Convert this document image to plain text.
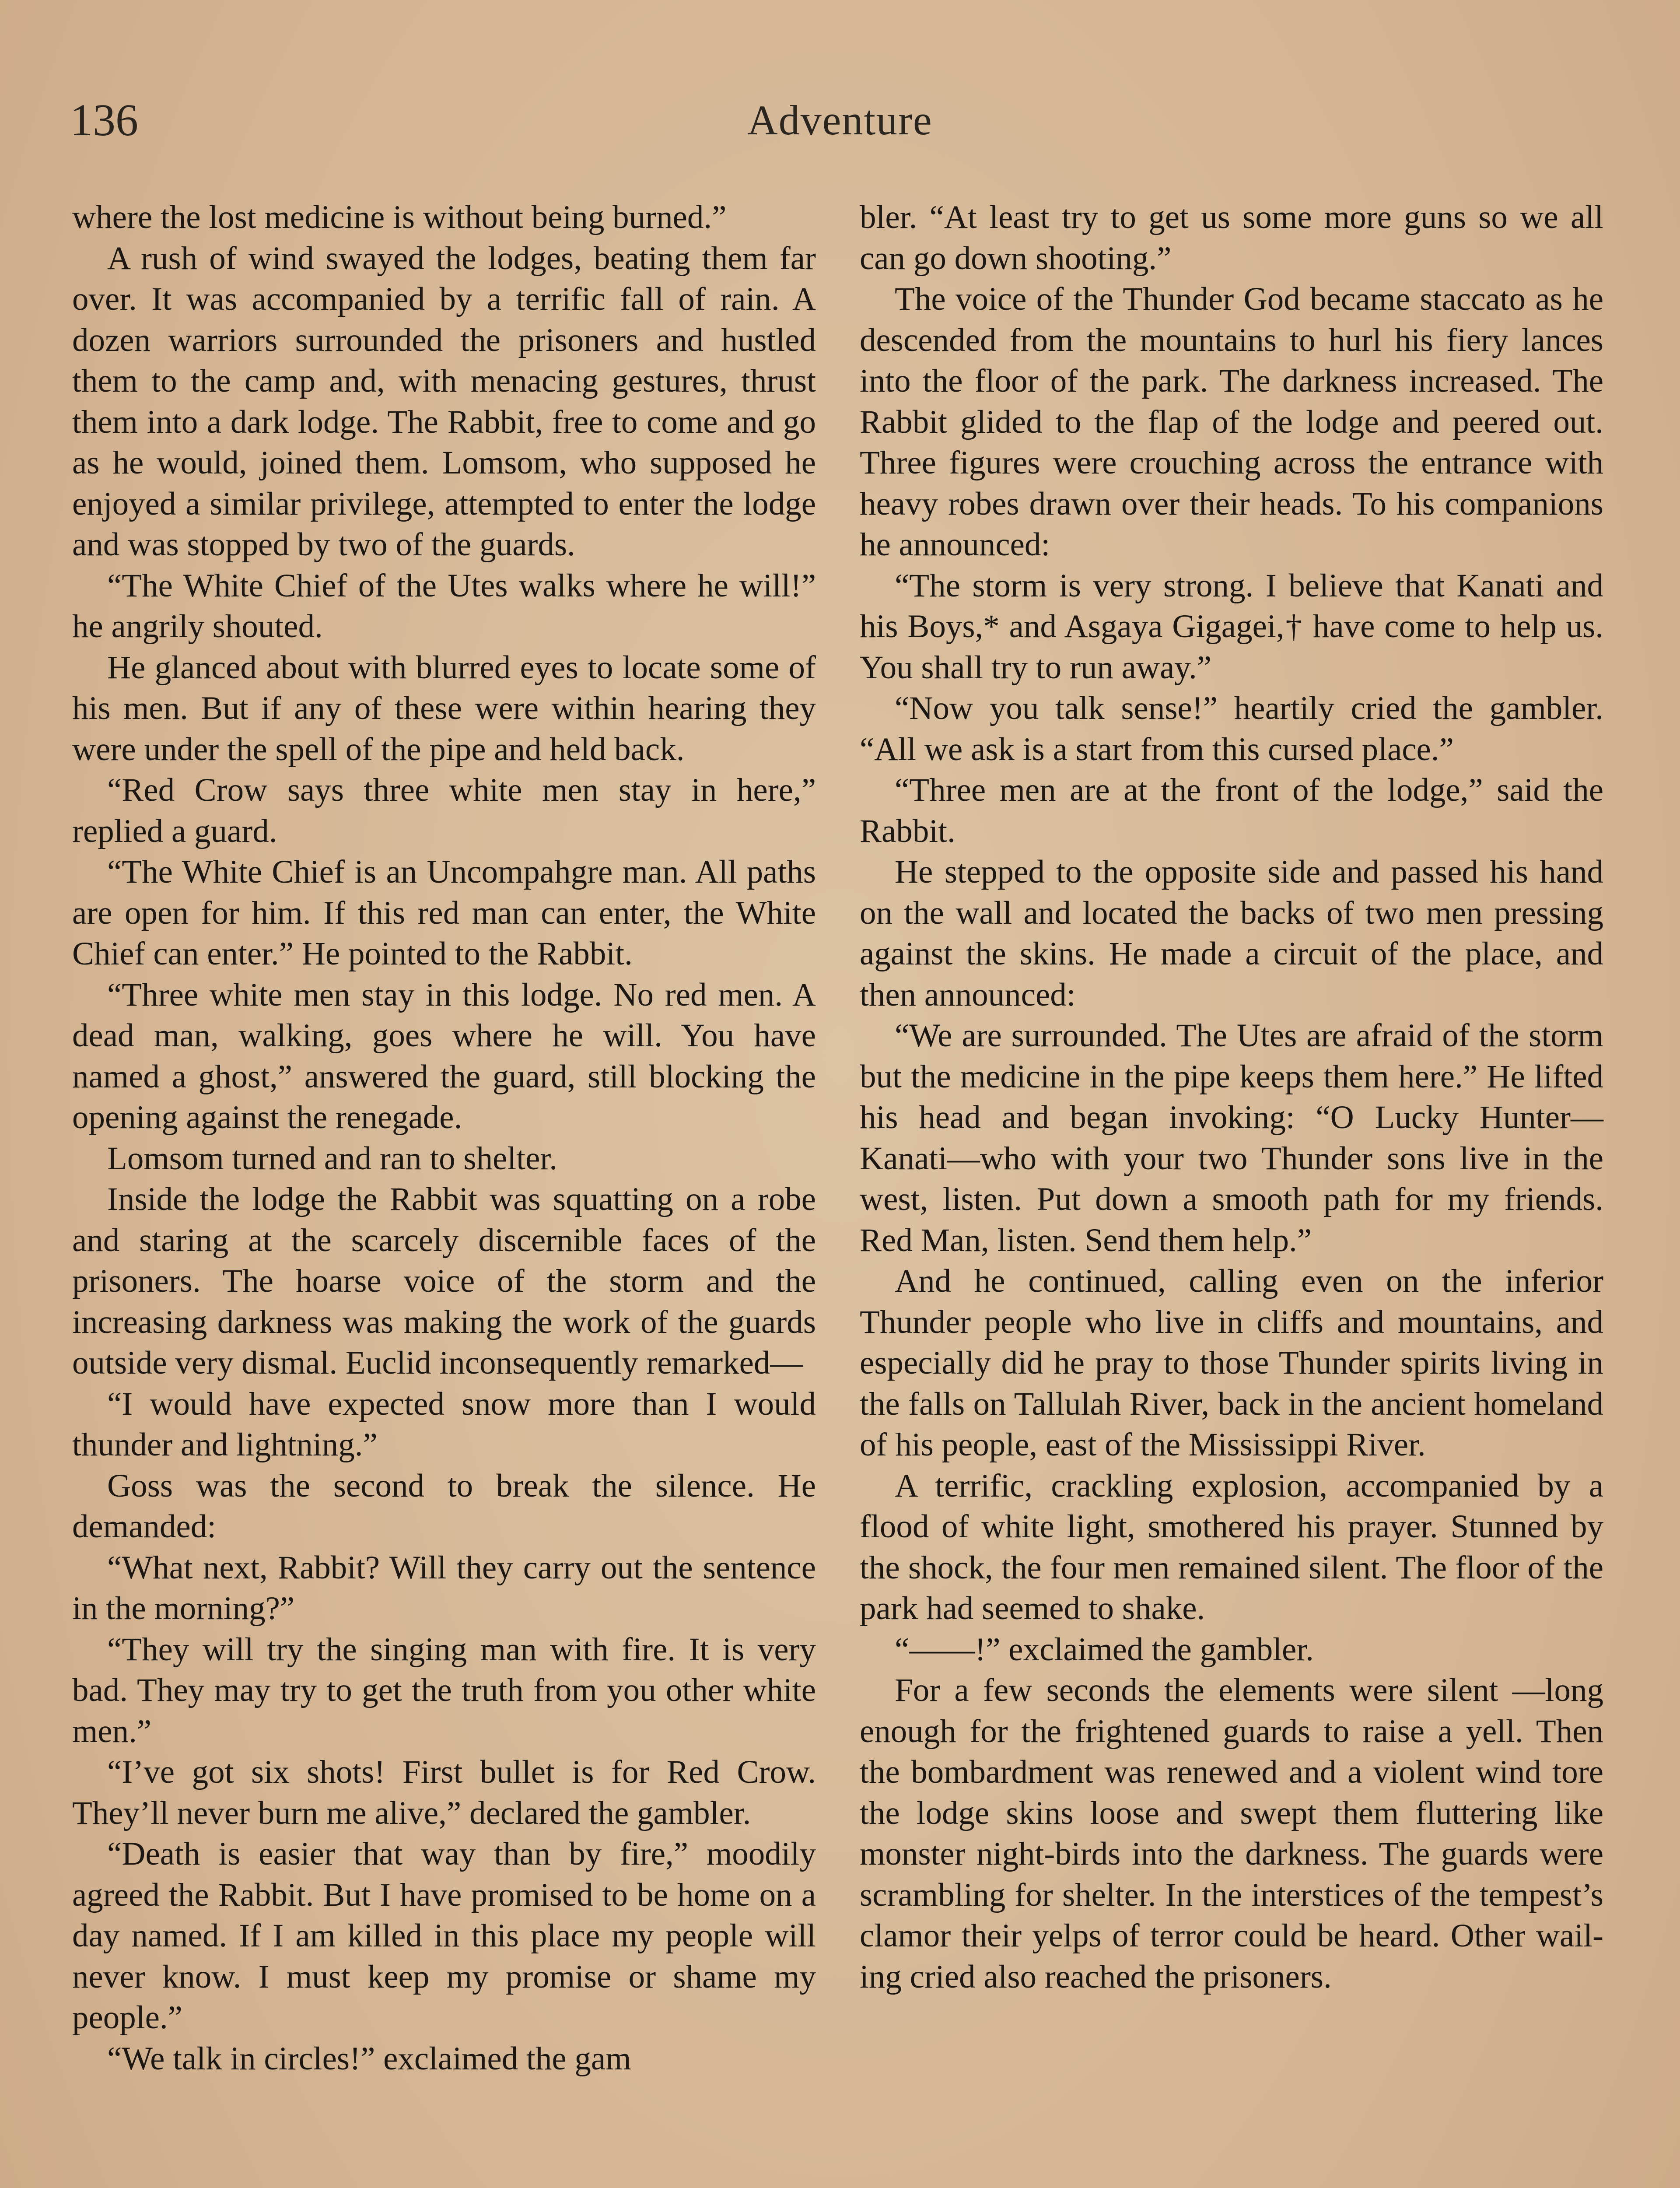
136	Adventure

where the lost medicine is without being burned.”

A rush of wind swayed the lodges, beating them far over. It was accompanied by a terrific fall of rain. A dozen warriors surrounded the prisoners and hustled them to the camp and, with menacing gestures, thrust them into a dark lodge. The Rabbit, free to come and go as he would, joined them. Lomsom, who supposed he enjoyed a similar privilege, attempted to enter the lodge and was stopped by two of the guards.

“The White Chief of the Utes walks where he will!” he angrily shouted.

He glanced about with blurred eyes to locate some of his men. But if any of these were within hearing they were under the spell of the pipe and held back.

“Red Crow says three white men stay in here,” replied a guard.

“The White Chief is an Uncompahgre man. All paths are open for him. If this red man can enter, the White Chief can enter.” He pointed to the Rabbit.

“Three white men stay in this lodge. No red men. A dead man, walking, goes where he will. You have named a ghost,” answered the guard, still blocking the opening against the renegade.

Lomsom turned and ran to shelter.

Inside the lodge the Rabbit was squatting on a robe and staring at the scarcely discernible faces of the prisoners. The hoarse voice of the storm and the increasing darkness was making the work of the guards outside very dismal. Euclid inconsequently remarked—

“I would have expected snow more than I would thunder and lightning.”

Goss was the second to break the silence. He demanded:

“What next, Rabbit? Will they carry out the sentence in the morning?”

“They will try the singing man with fire. It is very bad. They may try to get the truth from you other white men.”

“I’ve got six shots! First bullet is for Red Crow. They’ll never burn me alive,” declared the gambler.

“Death is easier that way than by fire,” moodily agreed the Rabbit. But I have promised to be home on a day named. If I am killed in this place my people will never know. I must keep my promise or shame my people.”

“We talk in circles!” exclaimed the gam

bler. “At least try to get us some more guns so we all can go down shooting.”

The voice of the Thunder God became staccato as he descended from the mountains to hurl his fiery lances into the floor of the park. The darkness increased. The Rabbit glided to the flap of the lodge and peered out. Three figures were crouching across the entrance with heavy robes drawn over their heads. To his companions he announced:

“The storm is very strong. I believe that Kanati and his Boys,* and Asgaya Gigagei,† have come to help us. You shall try to run away.”

“Now you talk sense!” heartily cried the gambler. “All we ask is a start from this cursed place.”

“Three men are at the front of the lodge,” said the Rabbit.

He stepped to the opposite side and passed his hand on the wall and located the backs of two men pressing against the skins. He made a circuit of the place, and then announced:

“We are surrounded. The Utes are afraid of the storm but the medicine in the pipe keeps them here.” He lifted his head and began invoking: “O Lucky Hunter— Kanati—who with your two Thunder sons live in the west, listen. Put down a smooth path for my friends. Red Man, listen. Send them help.”

And he continued, calling even on the inferior Thunder people who live in cliffs and mountains, and especially did he pray to those Thunder spirits living in the falls on Tallulah River, back in the ancient homeland of his people, east of the Mississippi River.

A terrific, crackling explosion, accompanied by a flood of white light, smothered his prayer. Stunned by the shock, the four men remained silent. The floor of the park had seemed to shake.

“——!” exclaimed the gambler.

For a few seconds the elements were silent —long enough for the frightened guards to raise a yell. Then the bombardment was renewed and a violent wind tore the lodge skins loose and swept them fluttering like monster night-birds into the darkness. The guards were scrambling for shelter. In the interstices of the tempest’s clamor their yelps of terror could be heard. Other wailing cried also reached the prisoners.
